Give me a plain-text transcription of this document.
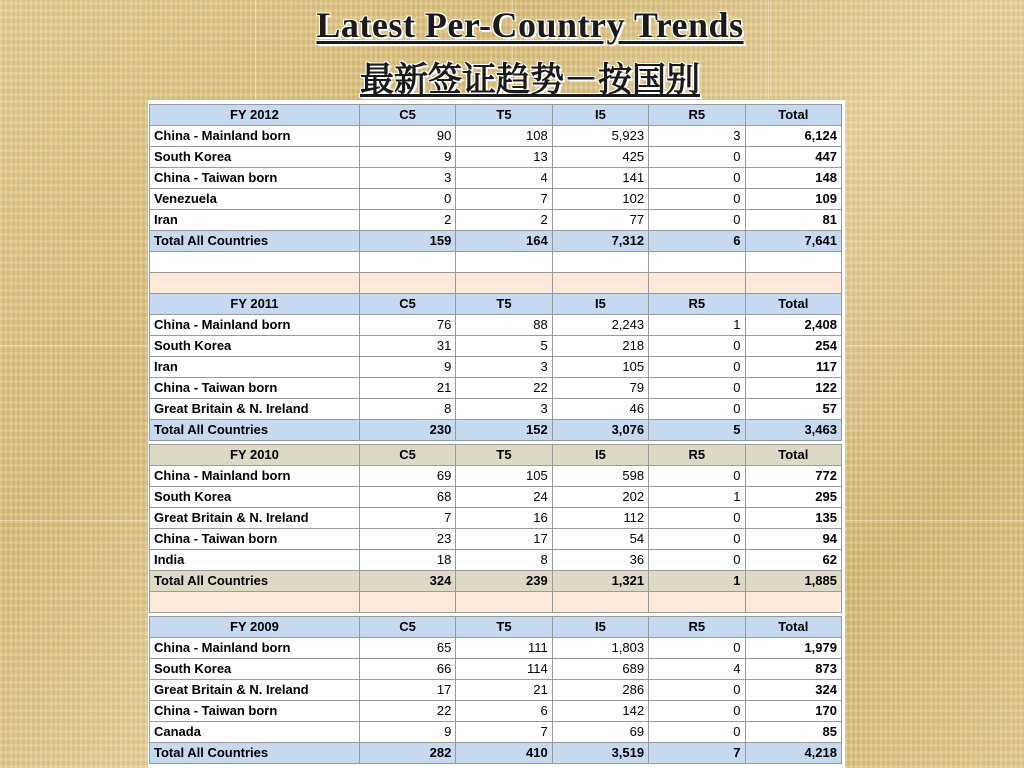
Latest Per-Country Trends
最新签证趋势－按国别
FY 2012	C5	T5	I5	R5	Total
China - Mainland born	90	108	5,923	3	6,124
South Korea	9	13	425	0	447
China - Taiwan born	3	4	141	0	148
Venezuela	0	7	102	0	109
Iran	2	2	77	0	81
Total All Countries	159	164	7,312	6	7,641

FY 2011	C5	T5	I5	R5	Total
China - Mainland born	76	88	2,243	1	2,408
South Korea	31	5	218	0	254
Iran	9	3	105	0	117
China - Taiwan born	21	22	79	0	122
Great Britain & N. Ireland	8	3	46	0	57
Total All Countries	230	152	3,076	5	3,463
FY 2010	C5	T5	I5	R5	Total
China - Mainland born	69	105	598	0	772
South Korea	68	24	202	1	295
Great Britain & N. Ireland	7	16	112	0	135
China - Taiwan born	23	17	54	0	94
India	18	8	36	0	62
Total All Countries	324	239	1,321	1	1,885

FY 2009	C5	T5	I5	R5	Total
China - Mainland born	65	111	1,803	0	1,979
South Korea	66	114	689	4	873
Great Britain & N. Ireland	17	21	286	0	324
China - Taiwan born	22	6	142	0	170
Canada	9	7	69	0	85
Total All Countries	282	410	3,519	7	4,218
